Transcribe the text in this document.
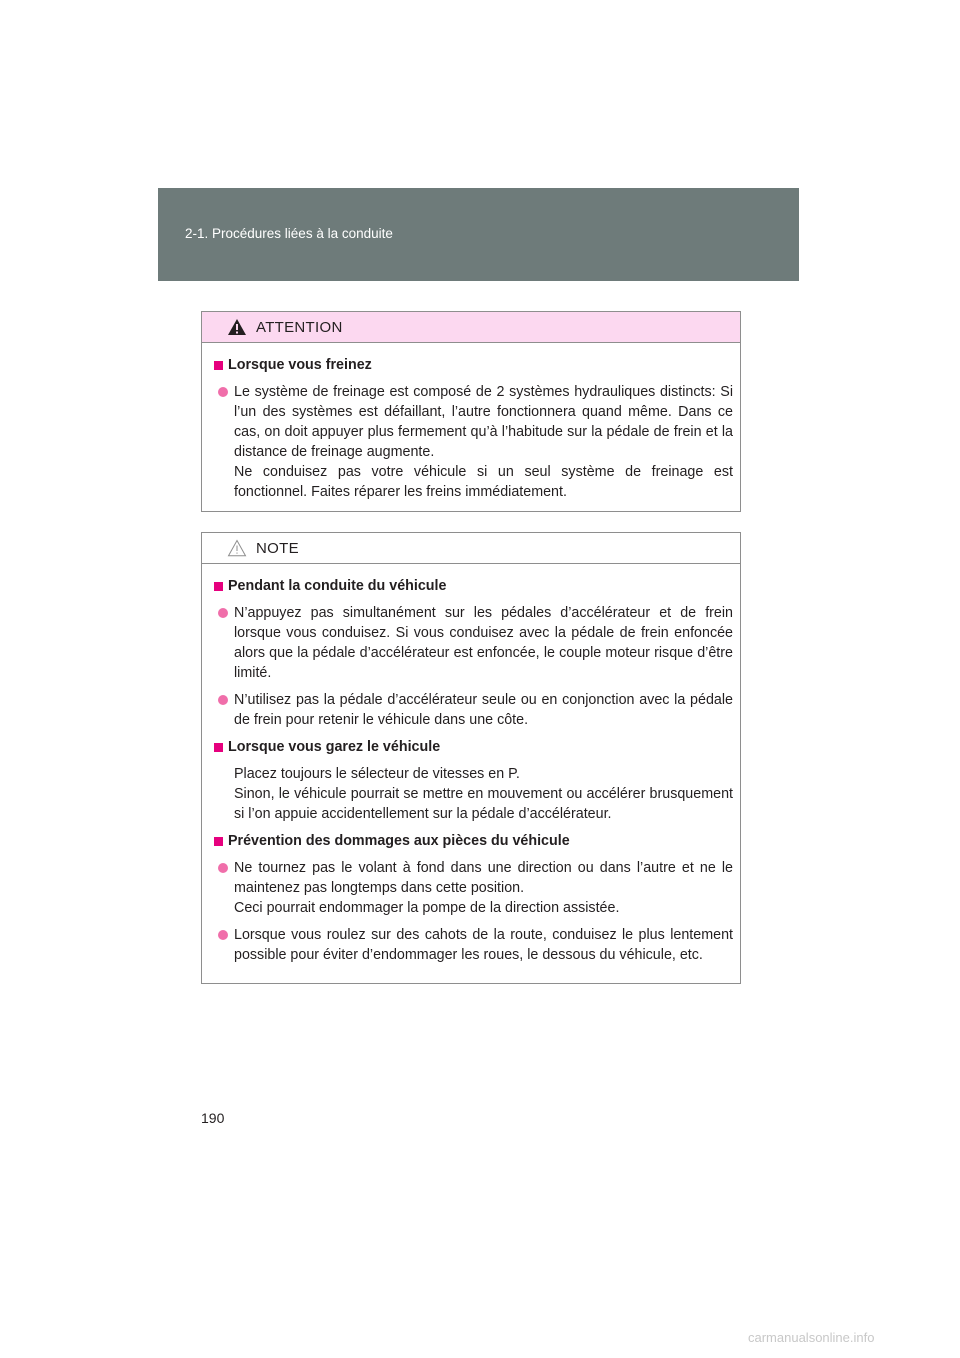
2-1. Procédures liées à la conduite
ATTENTION
Lorsque vous freinez

Le système de freinage est composé de 2 systèmes hydrauliques distincts: Si l’un des systèmes est défaillant, l’autre fonctionnera quand même. Dans ce cas, on doit appuyer plus fermement qu’à l’habitude sur la pédale de frein et la distance de freinage augmente.

Ne conduisez pas votre véhicule si un seul système de freinage est fonctionnel. Faites réparer les freins immédiatement.

NOTE
Pendant la conduite du véhicule

N’appuyez pas simultanément sur les pédales d’accélérateur et de frein lorsque vous conduisez. Si vous conduisez avec la pédale de frein enfoncée alors que la pédale d’accélérateur est enfoncée, le couple moteur risque d’être limité.

N’utilisez pas la pédale d’accélérateur seule ou en conjonction avec la pédale de frein pour retenir le véhicule dans une côte.

Lorsque vous garez le véhicule

Placez toujours le sélecteur de vitesses en P.

Sinon, le véhicule pourrait se mettre en mouvement ou accélérer brusquement si l’on appuie accidentellement sur la pédale d’accélérateur.

Prévention des dommages aux pièces du véhicule

Ne tournez pas le volant à fond dans une direction ou dans l’autre et ne le maintenez pas longtemps dans cette position.

Ceci pourrait endommager la pompe de la direction assistée.

Lorsque vous roulez sur des cahots de la route, conduisez le plus lentement possible pour éviter d’endommager les roues, le dessous du véhicule, etc.

190
carmanualsonline.info
